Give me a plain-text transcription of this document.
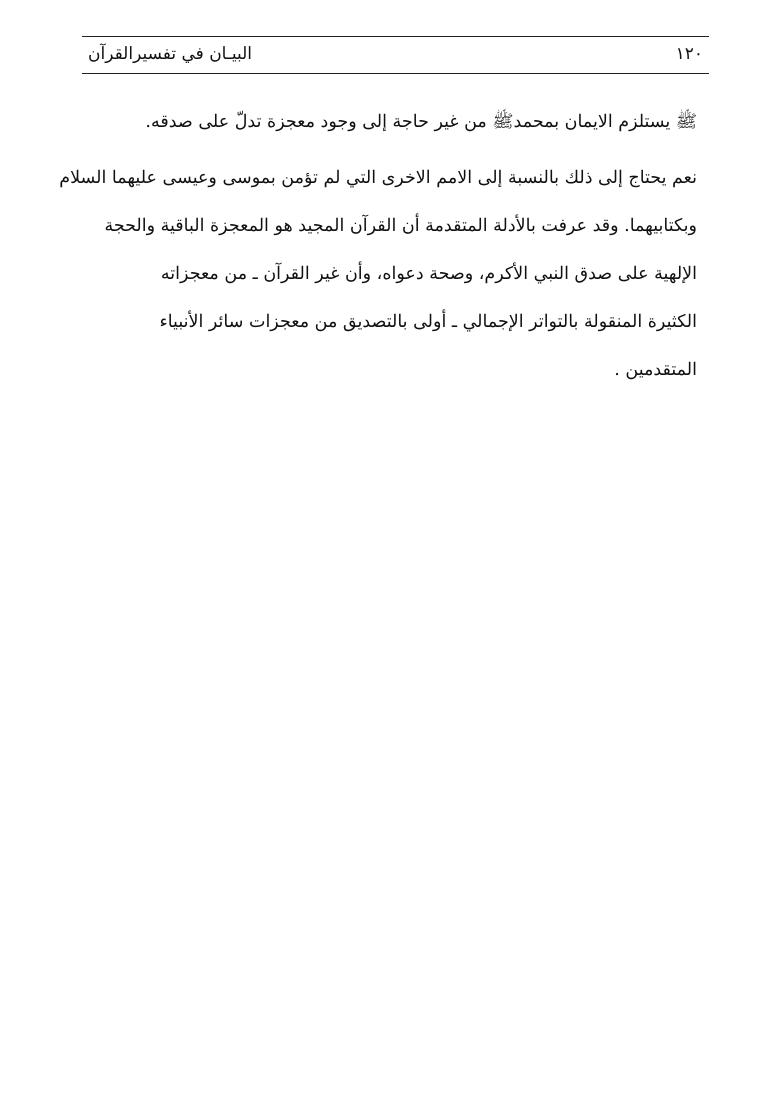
البيـان في تفسيرالقرآن	١٢٠

ﷺ يستلزم الايمان بمحمدﷺ من غير حاجة إلى وجود معجزة تدلّ على صدقه.

نعم يحتاج إلى ذلك بالنسبة إلى الامم الاخرى التي لم تؤمن بموسى وعيسى عليهما السلام

وبكتابيهما. وقد عرفت بالأدلة المتقدمة أن القرآن المجيد هو المعجزة الباقية والحجة

الإلهية على صدق النبي الأكرم، وصحة دعواه، وأن غير القرآن ـ من معجزاته

الكثيرة المنقولة بالتواتر الإجمالي ـ أولى بالتصديق من معجزات سائر الأنبياء

المتقدمين .
